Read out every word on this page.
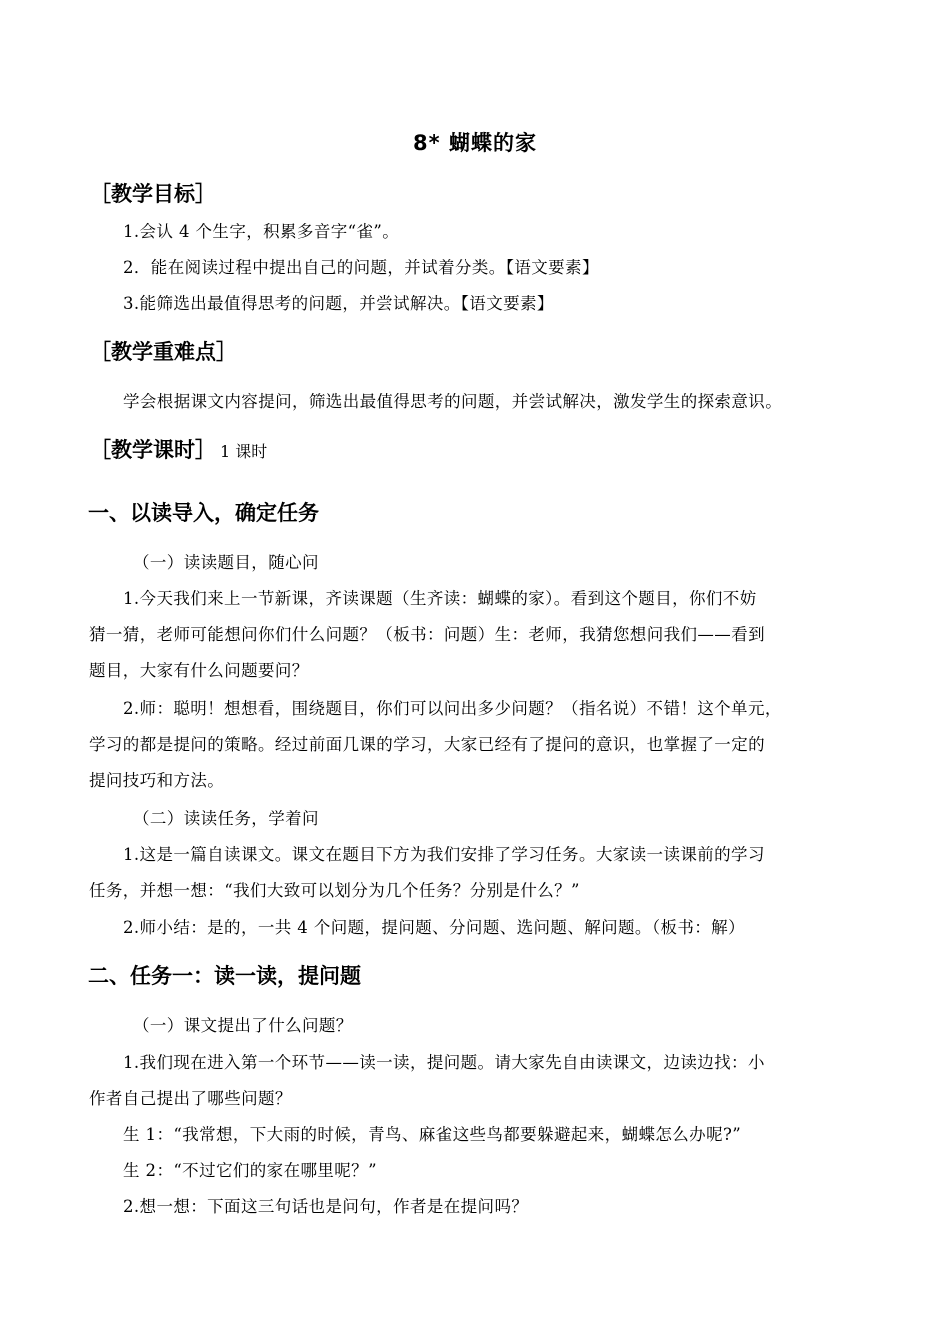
8* 蝴蝶的家
［教学目标］
1.会认 4 个生字，积累多音字“雀”。
2．能在阅读过程中提出自己的问题，并试着分类。【语文要素】
3.能筛选出最值得思考的问题，并尝试解决。【语文要素】
［教学重难点］
学会根据课文内容提问，筛选出最值得思考的问题，并尝试解决，激发学生的探索意识。
［教学课时］ 1 课时
一、以读导入，确定任务
（一）读读题目，随心问
1.今天我们来上一节新课，齐读课题（生齐读：蝴蝶的家）。看到这个题目，你们不妨
猜一猜，老师可能想问你们什么问题？（板书：问题）生：老师，我猜您想问我们——看到
题目，大家有什么问题要问？
2.师：聪明！想想看，围绕题目，你们可以问出多少问题？（指名说）不错！这个单元，
学习的都是提问的策略。经过前面几课的学习，大家已经有了提问的意识，也掌握了一定的
提问技巧和方法。
（二）读读任务，学着问
1.这是一篇自读课文。课文在题目下方为我们安排了学习任务。大家读一读课前的学习
任务，并想一想：“我们大致可以划分为几个任务？分别是什么？”
2.师小结：是的，一共 4 个问题，提问题、分问题、选问题、解问题。（板书：解）
二、任务一：读一读，提问题
（一）课文提出了什么问题？
1.我们现在进入第一个环节——读一读，提问题。请大家先自由读课文，边读边找：小
作者自己提出了哪些问题？
生 1：“我常想，下大雨的时候，青鸟、麻雀这些鸟都要躲避起来，蝴蝶怎么办呢?”
生 2：“不过它们的家在哪里呢？”
2.想一想：下面这三句话也是问句，作者是在提问吗？
